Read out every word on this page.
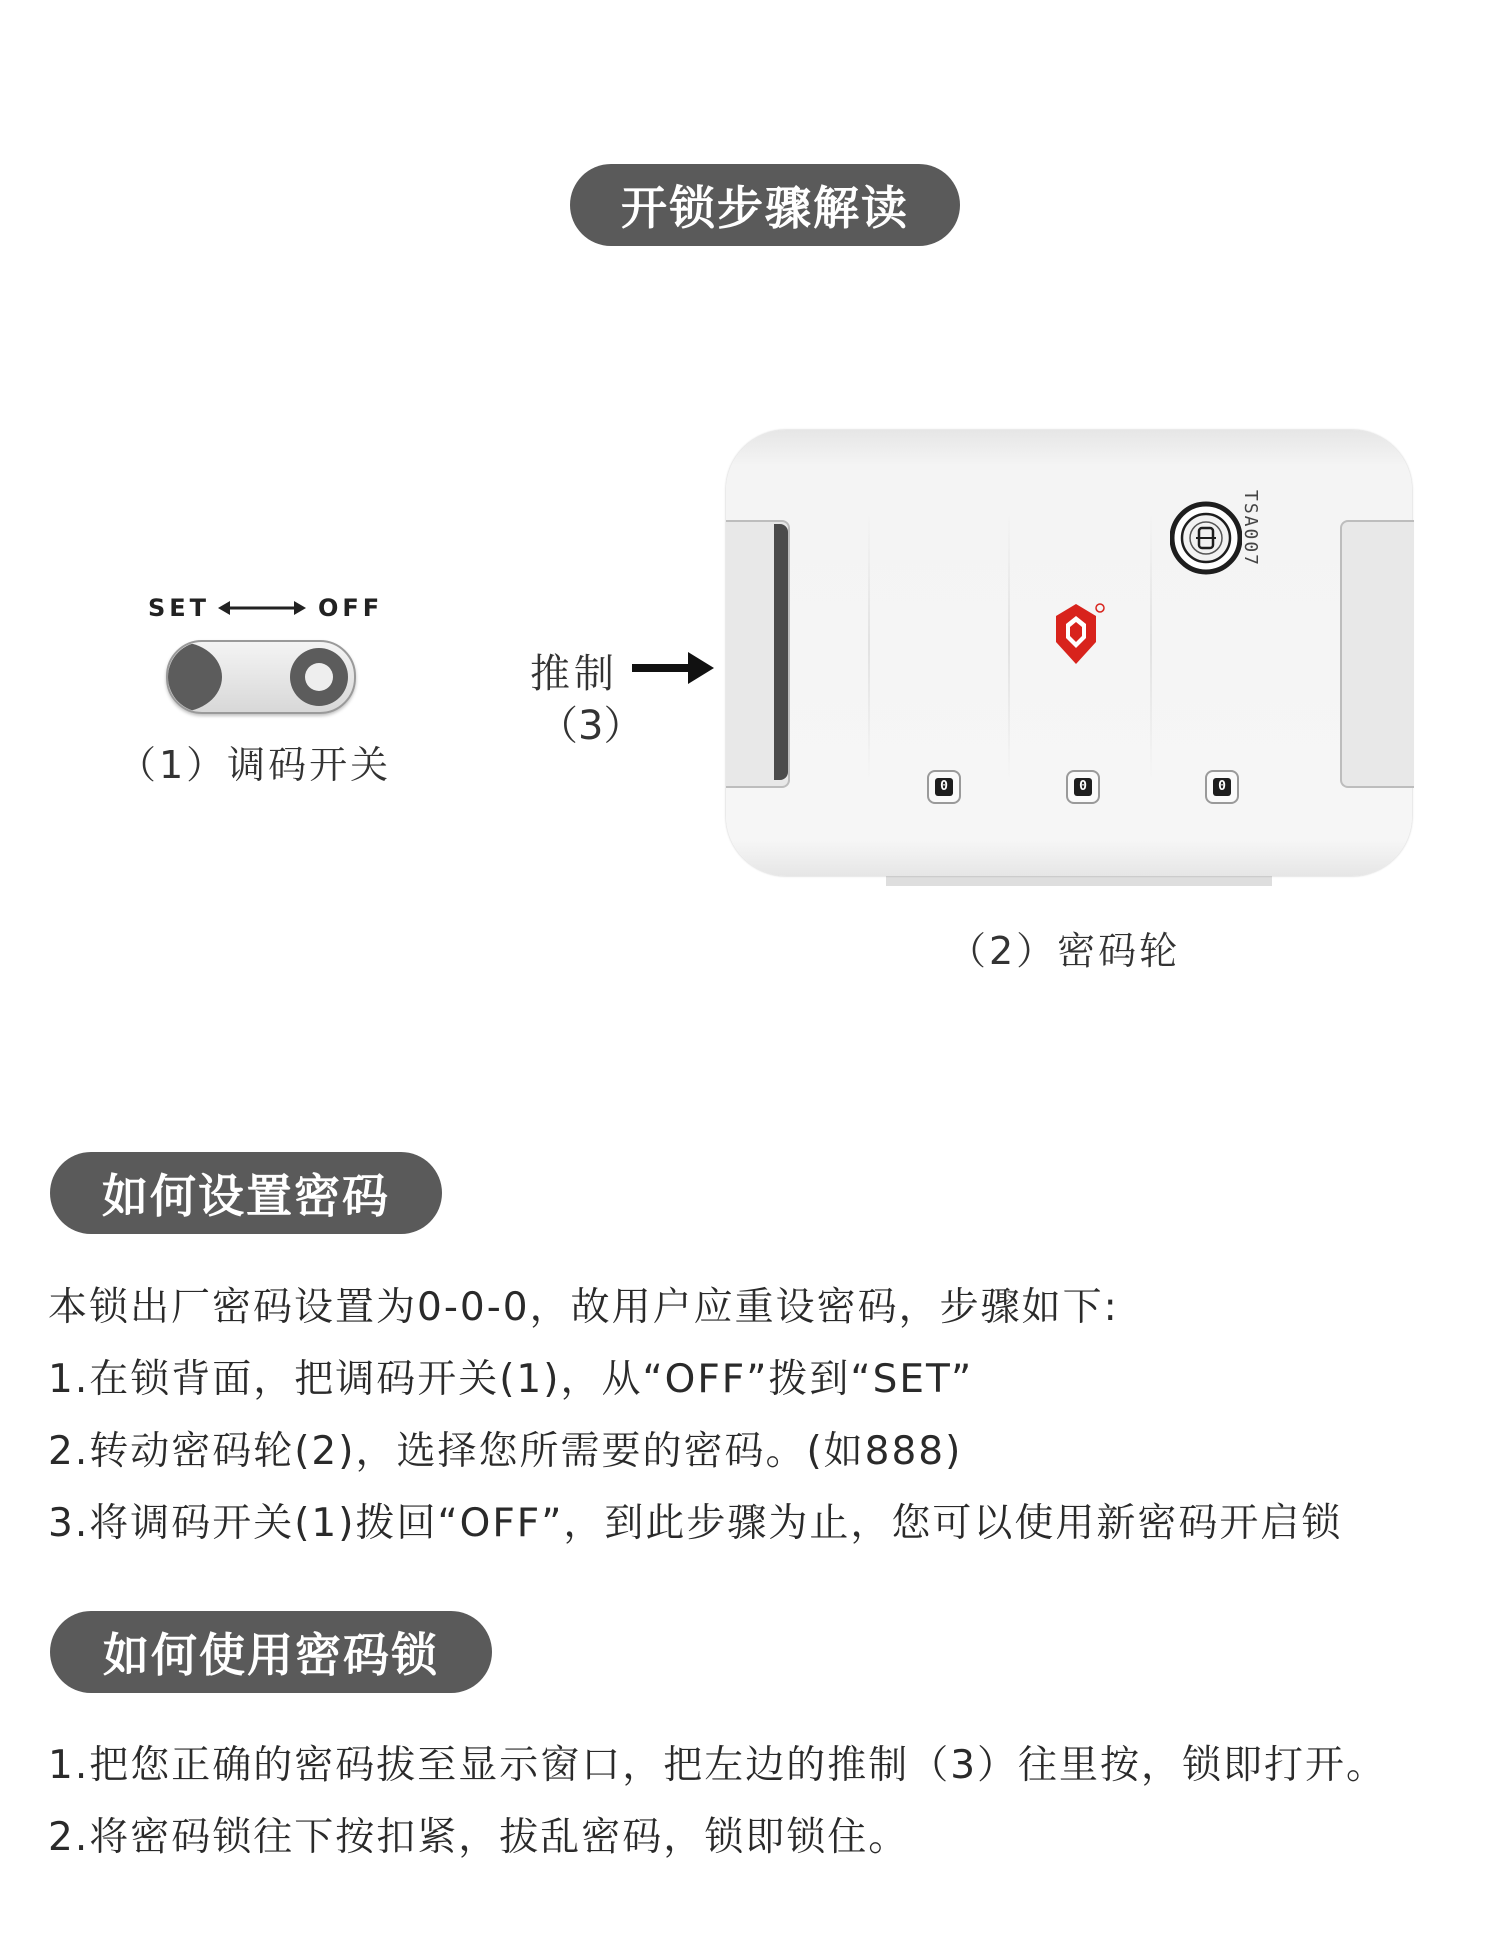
开锁步骤解读
SET	OFF
（1）调码开关
推制
（3）
TSA007
0	0	0
（2）密码轮
如何设置密码
本锁出厂密码设置为0-0-0，故用户应重设密码，步骤如下:
1.在锁背面，把调码开关(1)，从“OFF”拨到“SET”
2.转动密码轮(2)，选择您所需要的密码。(如888)
3.将调码开关(1)拨回“OFF”，到此步骤为止，您可以使用新密码开启锁
如何使用密码锁
1.把您正确的密码拔至显示窗口，把左边的推制（3）往里按，锁即打开。
2.将密码锁往下按扣紧，拔乱密码，锁即锁住。
